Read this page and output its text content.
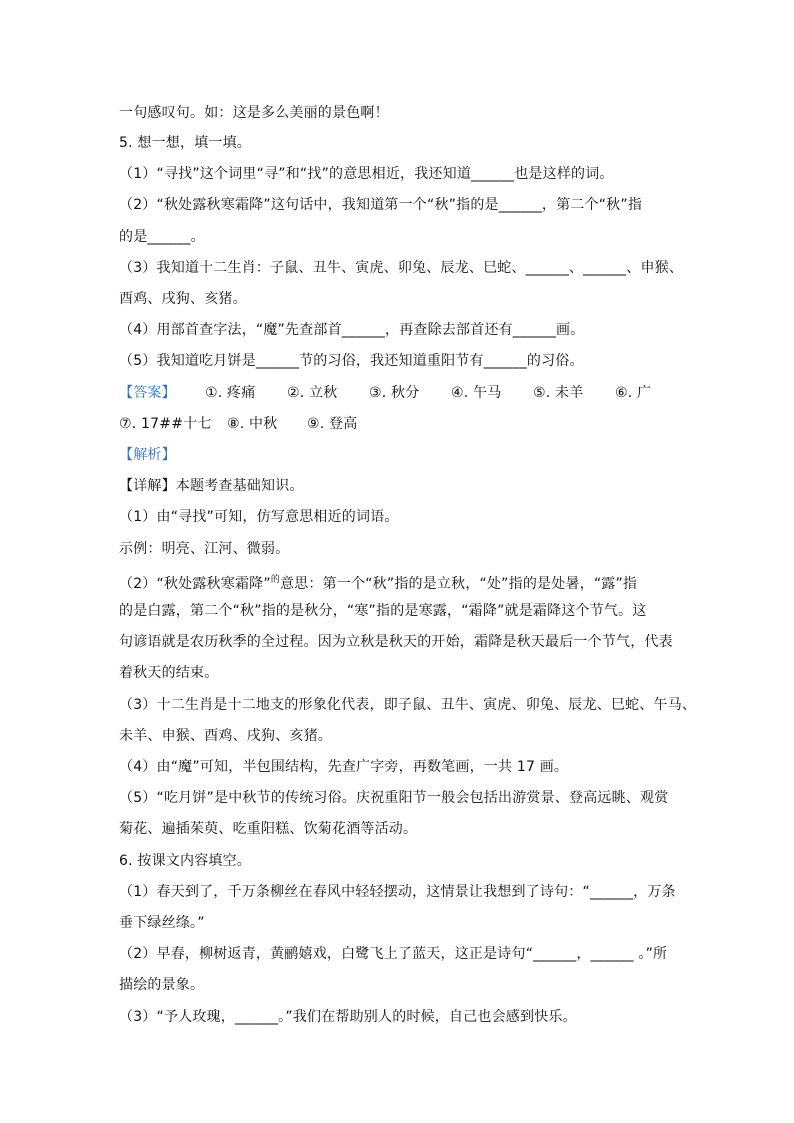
一句感叹句。如：这是多么美丽的景色啊！
5. 想一想，填一填。
（1）“寻找”这个词里“寻”和“找”的意思相近，我还知道______也是这样的词。
（2）“秋处露秋寒霜降”这句话中，我知道第一个“秋”指的是______，第二个“秋”指
的是______。
（3）我知道十二生肖：子鼠、丑牛、寅虎、卯兔、辰龙、巳蛇、______、______、申猴、
酉鸡、戌狗、亥猪。
（4）用部首查字法，“魔”先查部首______，再查除去部首还有______画。
（5）我知道吃月饼是______节的习俗，我还知道重阳节有______的习俗。
【答案】 ①. 疼痛 ②. 立秋 ③. 秋分 ④. 午马 ⑤. 未羊 ⑥. 广
⑦. 17##十七 ⑧. 中秋 ⑨. 登高
【解析】
【详解】本题考查基础知识。
（1）由“寻找”可知，仿写意思相近的词语。
示例：明亮、江河、微弱。
（2）“秋处露秋寒霜降”$^的$意思：第一个“秋”指的是立秋，“处”指的是处暑，“露”指
的是白露，第二个“秋”指的是秋分，“寒”指的是寒露，“霜降”就是霜降这个节气。这
句谚语就是农历秋季的全过程。因为立秋是秋天的开始，霜降是秋天最后一个节气，代表
着秋天的结束。
（3）十二生肖是十二地支的形象化代表，即子鼠、丑牛、寅虎、卯兔、辰龙、巳蛇、午马、
未羊、申猴、酉鸡、戌狗、亥猪。
（4）由“魔”可知，半包围结构，先查广字旁，再数笔画，一共 17 画。
（5）“吃月饼”是中秋节的传统习俗。庆祝重阳节一般会包括出游赏景、登高远眺、观赏
菊花、遍插茱萸、吃重阳糕、饮菊花酒等活动。
6. 按课文内容填空。
（1）春天到了，千万条柳丝在春风中轻轻摆动，这情景让我想到了诗句：“______，万条
垂下绿丝绦。”
（2）早春，柳树返青，黄鹂嬉戏，白鹭飞上了蓝天，这正是诗句“______，______ 。”所
描绘的景象。
（3）“予人玫瑰，______。”我们在帮助别人的时候，自己也会感到快乐。
